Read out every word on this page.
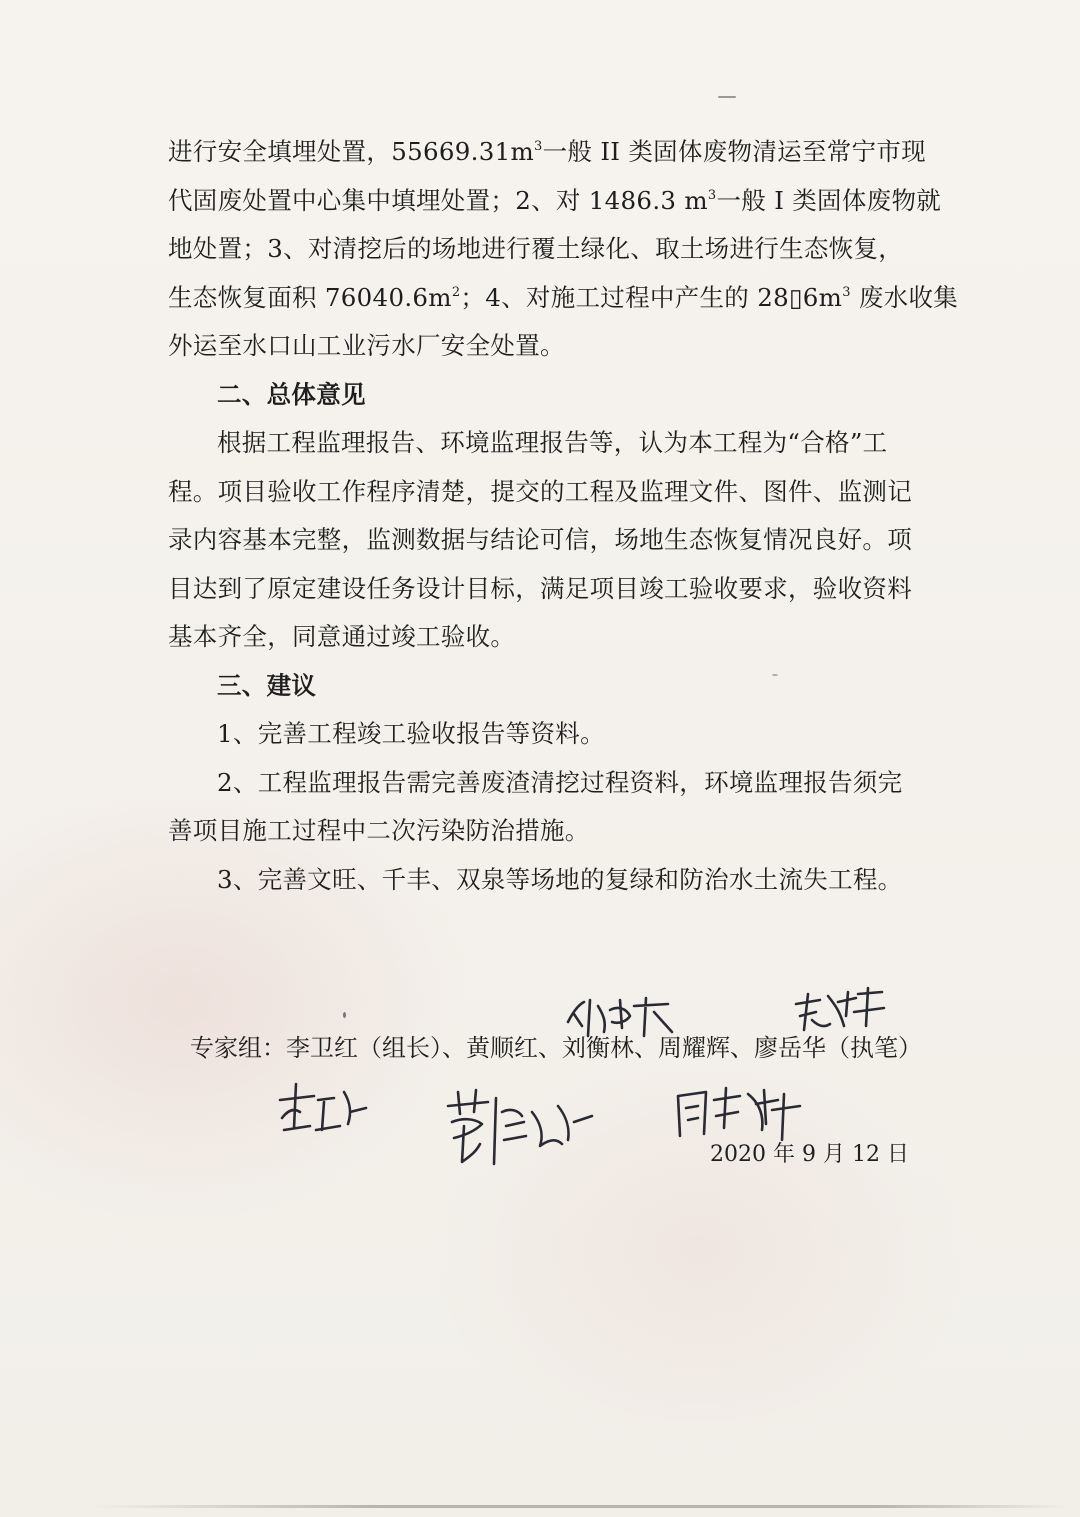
进行安全填埋处置，$55669.31m^3$一般 II 类固体废物清运至常宁市现
代固废处置中心集中填埋处置；2、对 1486.3 $m^3$一般 I 类固体废物就
地处置；3、对清挖后的场地进行覆土绿化、取土场进行生态恢复，
生态恢复面积 $76040.6m^2$；4、对施工过程中产生的 $28▯6m^3$ 废水收集
外运至水口山工业污水厂安全处置。
二、总体意见
根据工程监理报告、环境监理报告等，认为本工程为“合格”工
程。项目验收工作程序清楚，提交的工程及监理文件、图件、监测记
录内容基本完整，监测数据与结论可信，场地生态恢复情况良好。项
目达到了原定建设任务设计目标，满足项目竣工验收要求，验收资料
基本齐全，同意通过竣工验收。
三、建议
1、完善工程竣工验收报告等资料。
2、工程监理报告需完善废渣清挖过程资料，环境监理报告须完
善项目施工过程中二次污染防治措施。
3、完善文旺、千丰、双泉等场地的复绿和防治水土流失工程。
专家组：李卫红（组长）、黄顺红、刘衡林、周耀辉、廖岳华（执笔）
2020 年 9 月 12 日
